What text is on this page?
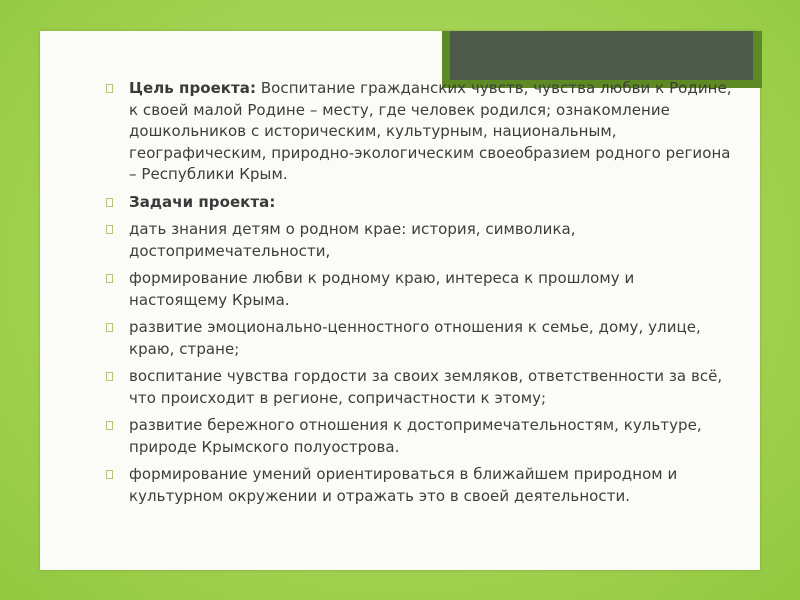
Цель проекта: Воспитание гражданских чувств, чувства любви к Родине, к своей малой Родине – месту, где человек родился; ознакомление дошкольников с историческим, культурным, национальным,
географическим, природно-экологическим своеобразием родного региона – Республики Крым.
Задачи проекта:
дать знания детям о родном крае: история, символика, достопримечательности,
формирование любви к родному краю, интереса к прошлому и настоящему Крыма.
развитие эмоционально-ценностного отношения к семье, дому, улице, краю, стране;
воспитание чувства гордости за своих земляков, ответственности за всё, что происходит в регионе, сопричастности к этому;
развитие бережного отношения к достопримечательностям, культуре, природе Крымского полуострова.
формирование умений ориентироваться в ближайшем природном и культурном окружении и отражать это в своей деятельности.
